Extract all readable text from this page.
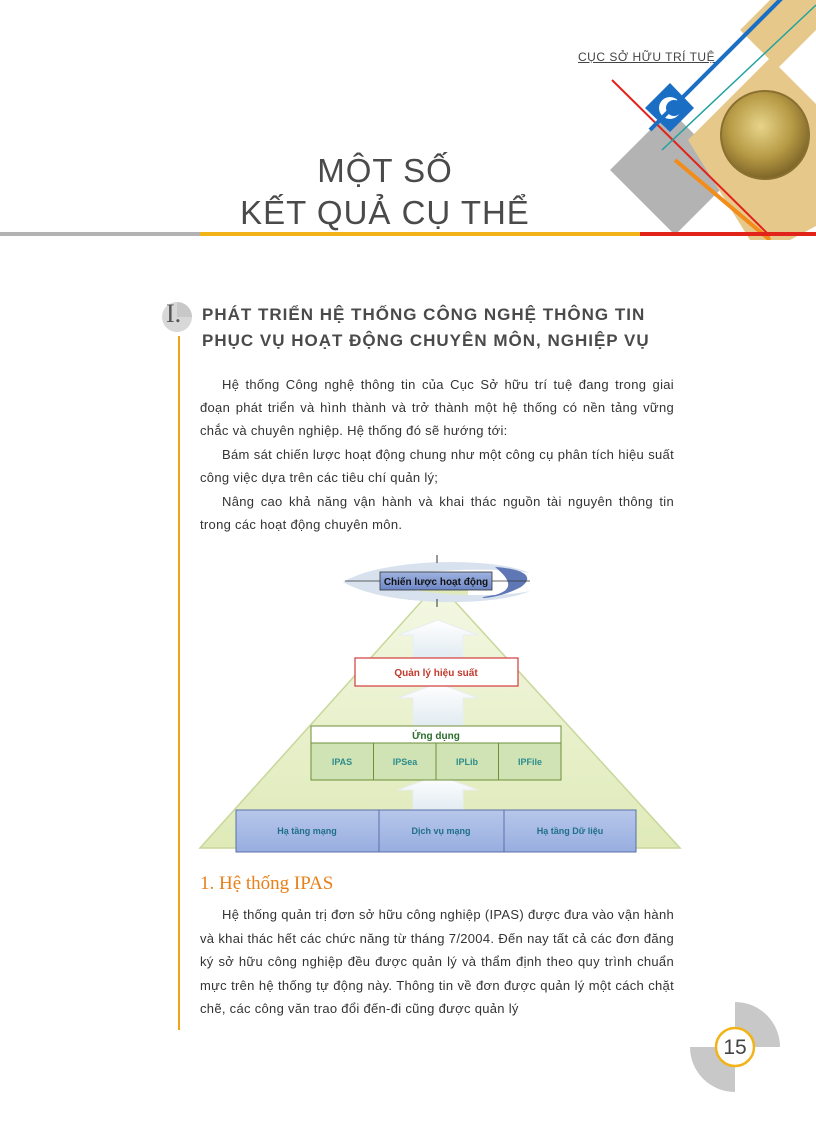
CỤC SỞ HỮU TRÍ TUỆ
MỘT SỐ
KẾT QUẢ CỤ THỂ
I. PHÁT TRIỂN HỆ THỐNG CÔNG NGHỆ THÔNG TIN
PHỤC VỤ HOẠT ĐỘNG CHUYÊN MÔN, NGHIỆP VỤ

Hệ thống Công nghệ thông tin của Cục Sở hữu trí tuệ đang trong giai đoạn phát triển và hình thành và trở thành một hệ thống có nền tảng vững chắc và chuyên nghiệp. Hệ thống đó sẽ hướng tới:

Bám sát chiến lược hoạt động chung như một công cụ phân tích hiệu suất công việc dựa trên các tiêu chí quản lý;

Nâng cao khả năng vận hành và khai thác nguồn tài nguyên thông tin trong các hoạt động chuyên môn.

Chiến lược hoạt động
Quản lý hiệu suất
Ứng dụng
IPAS	IPSea	IPLib	IPFile
Hạ tầng mạng	Dịch vụ mạng	Hạ tầng Dữ liệu
1. Hệ thống IPAS

Hệ thống quản trị đơn sở hữu công nghiệp (IPAS) được đưa vào vận hành và khai thác hết các chức năng từ tháng 7/2004. Đến nay tất cả các đơn đăng ký sở hữu công nghiệp đều được quản lý và thẩm định theo quy trình chuẩn mực trên hệ thống tự động này. Thông tin về đơn được quản lý một cách chặt chẽ, các công văn trao đổi đến-đi cũng được quản lý

15
